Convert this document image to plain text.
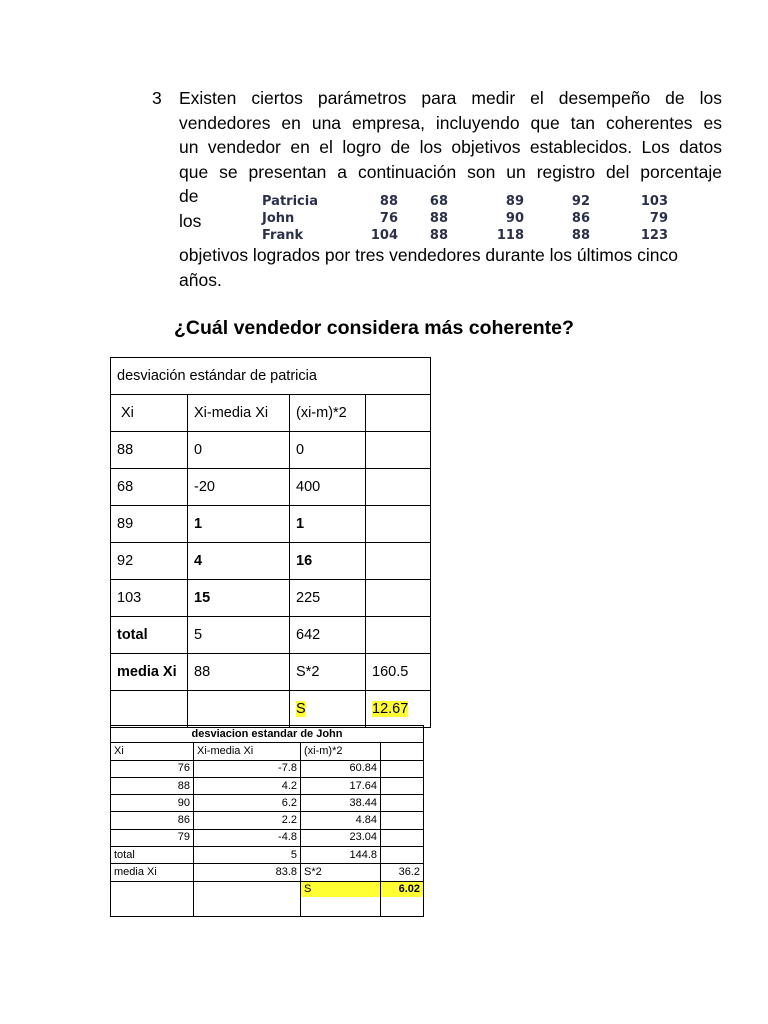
3 Existen ciertos parámetros para medir el desempeño de los
vendedores en una empresa, incluyendo que tan coherentes es
un vendedor en el logro de los objetivos establecidos. Los datos
que se presentan a continuación son un registro del porcentaje
de
los
objetivos logrados por tres vendedores durante los últimos cinco
años.
Patricia	88	68	89	92	103
John	76	88	90	86	79
Frank	104	88	118	88	123
¿Cuál vendedor considera más coherente?
desviación estándar de patricia			
Xi	Xi-media Xi	(xi-m)*2	
88	0	0	
68	-20	400	
89	1	1	
92	4	16	
103	15	225	
total	5	642	
media Xi	88	S*2	160.5
		S	12.67
desviacion estandar de John			
Xi	Xi-media Xi	(xi-m)*2	
76	-7.8	60.84	
88	4.2	17.64	
90	6.2	38.44	
86	2.2	4.84	
79	-4.8	23.04	
total	5	144.8	
media Xi	83.8	S*2	36.2

		S	6.02
